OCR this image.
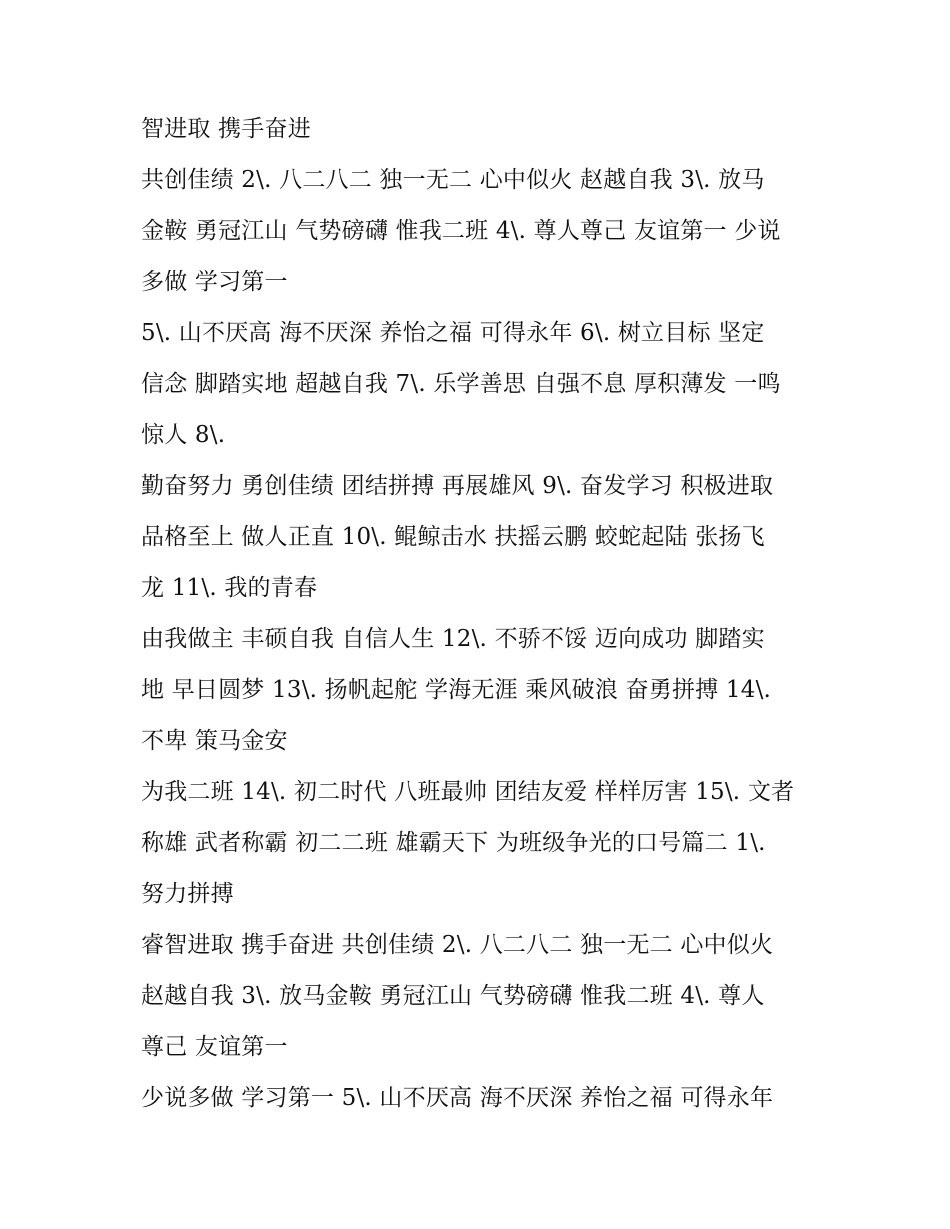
智进取 携手奋进
共创佳绩 2\. 八二八二 独一无二 心中似火 赵越自我 3\. 放马
金鞍 勇冠江山 气势磅礴 惟我二班 4\. 尊人尊己 友谊第一 少说
多做 学习第一
5\. 山不厌高 海不厌深 养怡之福 可得永年 6\. 树立目标 坚定
信念 脚踏实地 超越自我 7\. 乐学善思 自强不息 厚积薄发 一鸣
惊人 8\.
勤奋努力 勇创佳绩 团结拼搏 再展雄风 9\. 奋发学习 积极进取
品格至上 做人正直 10\. 鲲鲸击水 扶摇云鹏 蛟蛇起陆 张扬飞
龙 11\. 我的青春
由我做主 丰硕自我 自信人生 12\. 不骄不馁 迈向成功 脚踏实
地 早日圆梦 13\. 扬帆起舵 学海无涯 乘风破浪 奋勇拼搏 14\.
不卑 策马金安
为我二班 14\. 初二时代 八班最帅 团结友爱 样样厉害 15\. 文者
称雄 武者称霸 初二二班 雄霸天下 为班级争光的口号篇二 1\.
努力拼搏
睿智进取 携手奋进 共创佳绩 2\. 八二八二 独一无二 心中似火
赵越自我 3\. 放马金鞍 勇冠江山 气势磅礴 惟我二班 4\. 尊人
尊己 友谊第一
少说多做 学习第一 5\. 山不厌高 海不厌深 养怡之福 可得永年
